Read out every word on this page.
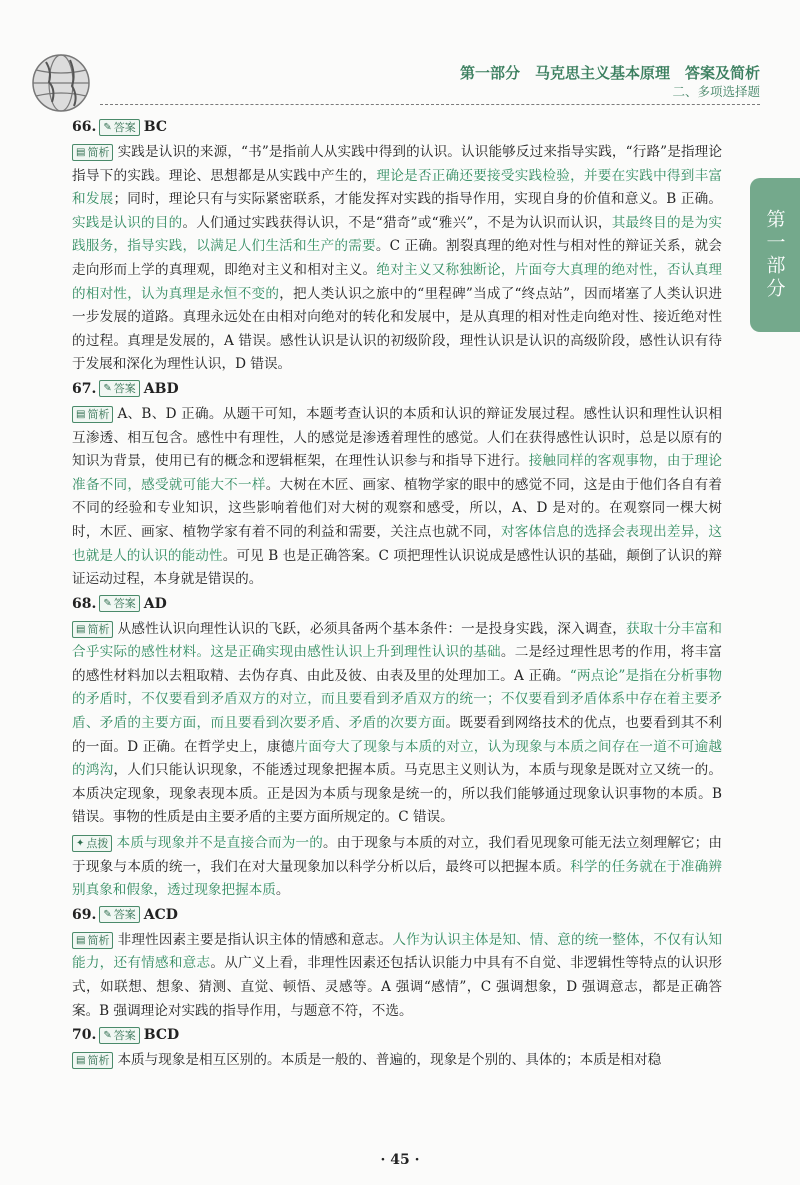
第一部分　马克思主义基本原理　答案及简析
二、多项选择题
第一部分
66. ✎ 答案 BC

▤ 简析 实践是认识的来源，“书”是指前人从实践中得到的认识。认识能够反过来指导实践，“行路”是指理论指导下的实践。理论、思想都是从实践中产生的，理论是否正确还要接受实践检验，并要在实践中得到丰富和发展；同时，理论只有与实际紧密联系，才能发挥对实践的指导作用，实现自身的价值和意义。B 正确。实践是认识的目的。人们通过实践获得认识，不是“猎奇”或“雅兴”，不是为认识而认识，其最终目的是为实践服务，指导实践，以满足人们生活和生产的需要。C 正确。割裂真理的绝对性与相对性的辩证关系，就会走向形而上学的真理观，即绝对主义和相对主义。绝对主义又称独断论，片面夸大真理的绝对性，否认真理的相对性，认为真理是永恒不变的，把人类认识之旅中的“里程碑”当成了“终点站”，因而堵塞了人类认识进一步发展的道路。真理永远处在由相对向绝对的转化和发展中，是从真理的相对性走向绝对性、接近绝对性的过程。真理是发展的，A 错误。感性认识是认识的初级阶段，理性认识是认识的高级阶段，感性认识有待于发展和深化为理性认识，D 错误。

67. ✎ 答案 ABD

▤ 简析 A、B、D 正确。从题干可知，本题考查认识的本质和认识的辩证发展过程。感性认识和理性认识相互渗透、相互包含。感性中有理性，人的感觉是渗透着理性的感觉。人们在获得感性认识时，总是以原有的知识为背景，使用已有的概念和逻辑框架，在理性认识参与和指导下进行。接触同样的客观事物，由于理论准备不同，感受就可能大不一样。大树在木匠、画家、植物学家的眼中的感觉不同，这是由于他们各自有着不同的经验和专业知识，这些影响着他们对大树的观察和感受，所以，A、D 是对的。在观察同一棵大树时，木匠、画家、植物学家有着不同的利益和需要，关注点也就不同，对客体信息的选择会表现出差异，这也就是人的认识的能动性。可见 B 也是正确答案。C 项把理性认识说成是感性认识的基础，颠倒了认识的辩证运动过程，本身就是错误的。

68. ✎ 答案 AD

▤ 简析 从感性认识向理性认识的飞跃，必须具备两个基本条件：一是投身实践，深入调查，获取十分丰富和合乎实际的感性材料。这是正确实现由感性认识上升到理性认识的基础。二是经过理性思考的作用，将丰富的感性材料加以去粗取精、去伪存真、由此及彼、由表及里的处理加工。A 正确。“两点论”是指在分析事物的矛盾时，不仅要看到矛盾双方的对立，而且要看到矛盾双方的统一；不仅要看到矛盾体系中存在着主要矛盾、矛盾的主要方面，而且要看到次要矛盾、矛盾的次要方面。既要看到网络技术的优点，也要看到其不利的一面。D 正确。在哲学史上，康德片面夸大了现象与本质的对立，认为现象与本质之间存在一道不可逾越的鸿沟，人们只能认识现象，不能透过现象把握本质。马克思主义则认为，本质与现象是既对立又统一的。本质决定现象，现象表现本质。正是因为本质与现象是统一的，所以我们能够通过现象认识事物的本质。B 错误。事物的性质是由主要矛盾的主要方面所规定的。C 错误。

✦ 点拨 本质与现象并不是直接合而为一的。由于现象与本质的对立，我们看见现象可能无法立刻理解它；由于现象与本质的统一，我们在对大量现象加以科学分析以后，最终可以把握本质。科学的任务就在于准确辨别真象和假象，透过现象把握本质。

69. ✎ 答案 ACD

▤ 简析 非理性因素主要是指认识主体的情感和意志。人作为认识主体是知、情、意的统一整体，不仅有认知能力，还有情感和意志。从广义上看，非理性因素还包括认识能力中具有不自觉、非逻辑性等特点的认识形式，如联想、想象、猜测、直觉、顿悟、灵感等。A 强调“感情”，C 强调想象，D 强调意志，都是正确答案。B 强调理论对实践的指导作用，与题意不符，不选。

70. ✎ 答案 BCD

▤ 简析 本质与现象是相互区别的。本质是一般的、普遍的，现象是个别的、具体的；本质是相对稳

· 45 ·
